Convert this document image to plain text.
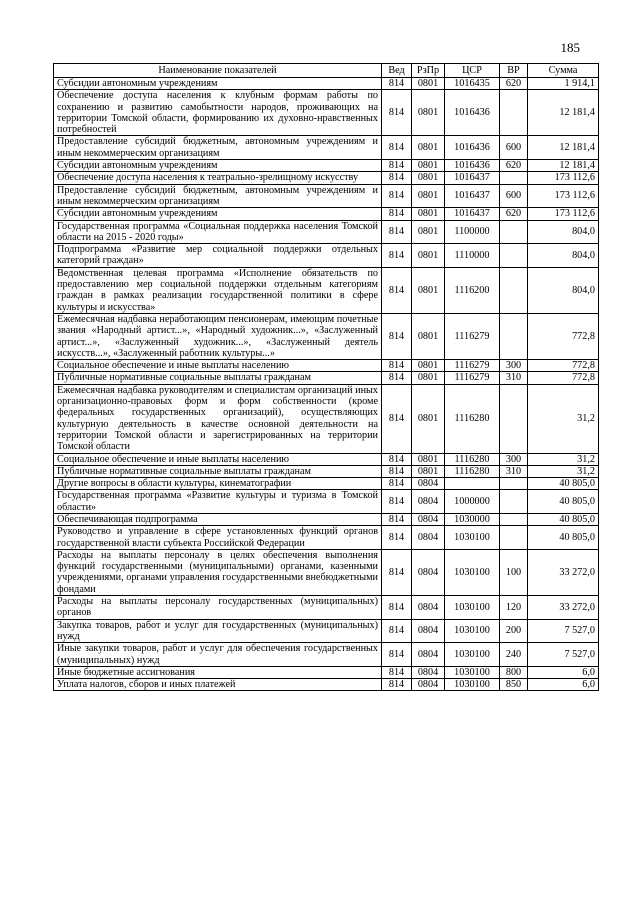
185
Наименование показателей	Вед	РзПр	ЦСР	ВР	Сумма
Субсидии автономным учреждениям	814	0801	1016435	620	1 914,1
Обеспечение доступа населения к клубным формам работы по сохранению и развитию самобытности народов, проживающих на территории Томской области, формированию их духовно-нравственных потребностей	814	0801	1016436		12 181,4
Предоставление субсидий бюджетным, автономным учреждениям и иным некоммерческим организациям	814	0801	1016436	600	12 181,4
Субсидии автономным учреждениям	814	0801	1016436	620	12 181,4
Обеспечение доступа населения к театрально-зрелищному искусству	814	0801	1016437		173 112,6
Предоставление субсидий бюджетным, автономным учреждениям и иным некоммерческим организациям	814	0801	1016437	600	173 112,6
Субсидии автономным учреждениям	814	0801	1016437	620	173 112,6
Государственная программа «Социальная поддержка населения Томской области на 2015 - 2020 годы»	814	0801	1100000		804,0
Подпрограмма «Развитие мер социальной поддержки отдельных категорий граждан»	814	0801	1110000		804,0
Ведомственная целевая программа «Исполнение обязательств по предоставлению мер социальной поддержки отдельным категориям граждан в рамках реализации государственной политики в сфере культуры и искусства»	814	0801	1116200		804,0
Ежемесячная надбавка неработающим пенсионерам, имеющим почетные звания «Народный артист...», «Народный художник...», «Заслуженный артист...», «Заслуженный художник...», «Заслуженный деятель искусств...», «Заслуженный работник культуры...»	814	0801	1116279		772,8
Социальное обеспечение и иные выплаты населению	814	0801	1116279	300	772,8
Публичные нормативные социальные выплаты гражданам	814	0801	1116279	310	772,8
Ежемесячная надбавка руководителям и специалистам организаций иных организационно-правовых форм и форм собственности (кроме федеральных государственных организаций), осуществляющих культурную деятельность в качестве основной деятельности на территории Томской области и зарегистрированных на территории Томской области	814	0801	1116280		31,2
Социальное обеспечение и иные выплаты населению	814	0801	1116280	300	31,2
Публичные нормативные социальные выплаты гражданам	814	0801	1116280	310	31,2
Другие вопросы в области культуры, кинематографии	814	0804			40 805,0
Государственная программа «Развитие культуры и туризма в Томской области»	814	0804	1000000		40 805,0
Обеспечивающая подпрограмма	814	0804	1030000		40 805,0
Руководство и управление в сфере установленных функций органов государственной власти субъекта Российской Федерации	814	0804	1030100		40 805,0
Расходы на выплаты персоналу в целях обеспечения выполнения функций государственными (муниципальными) органами, казенными учреждениями, органами управления государственными внебюджетными фондами	814	0804	1030100	100	33 272,0
Расходы на выплаты персоналу государственных (муниципальных) органов	814	0804	1030100	120	33 272,0
Закупка товаров, работ и услуг для государственных (муниципальных) нужд	814	0804	1030100	200	7 527,0
Иные закупки товаров, работ и услуг для обеспечения государственных (муниципальных) нужд	814	0804	1030100	240	7 527,0
Иные бюджетные ассигнования	814	0804	1030100	800	6,0
Уплата налогов, сборов и иных платежей	814	0804	1030100	850	6,0
